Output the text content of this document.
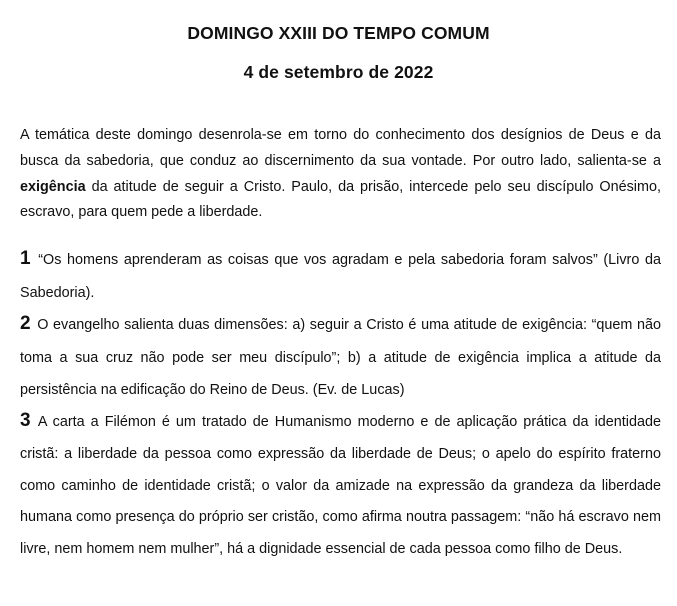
DOMINGO XXIII DO TEMPO COMUM
4 de setembro de 2022

A temática deste domingo desenrola-se em torno do conhecimento dos desígnios de Deus e da busca da sabedoria, que conduz ao discernimento da sua vontade. Por outro lado, salienta-se a exigência da atitude de seguir a Cristo. Paulo, da prisão, intercede pelo seu discípulo Onésimo, escravo, para quem pede a liberdade.

1 “Os homens aprenderam as coisas que vos agradam e pela sabedoria foram salvos” (Livro da Sabedoria).

2 O evangelho salienta duas dimensões: a) seguir a Cristo é uma atitude de exigência: “quem não toma a sua cruz não pode ser meu discípulo”; b) a atitude de exigência implica a atitude da persistência na edificação do Reino de Deus. (Ev. de Lucas)

3 A carta a Filémon é um tratado de Humanismo moderno e de aplicação prática da identidade cristã: a liberdade da pessoa como expressão da liberdade de Deus; o apelo do espírito fraterno como caminho de identidade cristã; o valor da amizade na expressão da grandeza da liberdade humana como presença do próprio ser cristão, como afirma noutra passagem: “não há escravo nem livre, nem homem nem mulher”, há a dignidade essencial de cada pessoa como filho de Deus.
